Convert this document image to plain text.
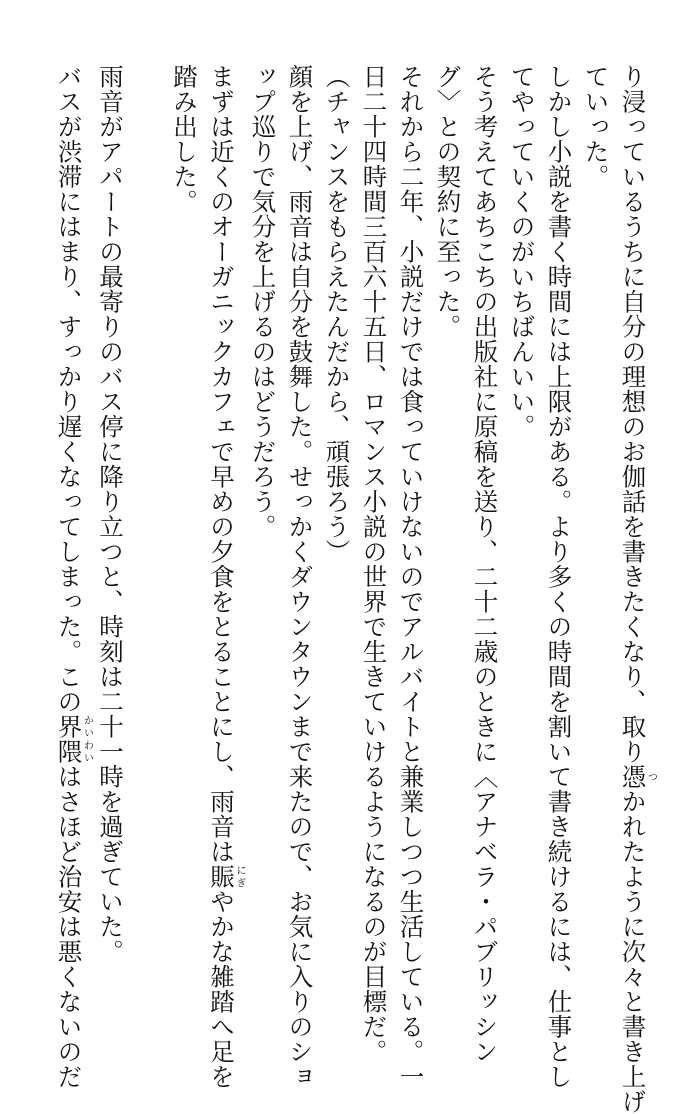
り浸っているうちに自分の理想のお伽話を書きたくなり、取り憑つかれたように次々と書き上げ
ていった。
しかし小説を書く時間には上限がある。より多くの時間を割いて書き続けるには、仕事とし
てやっていくのがいちばんいい。
そう考えてあちこちの出版社に原稿を送り、二十二歳のときに〈アナベラ・パブリッシン
グ〉との契約に至った。
それから二年、小説だけでは食っていけないのでアルバイトと兼業しつつ生活している。一
日二十四時間三百六十五日、ロマンス小説の世界で生きていけるようになるのが目標だ。
（チャンスをもらえたんだから、頑張ろう）
顔を上げ、雨音は自分を鼓舞した。せっかくダウンタウンまで来たので、お気に入りのショ
ップ巡りで気分を上げるのはどうだろう。
まずは近くのオーガニックカフェで早めの夕食をとることにし、雨音は賑にぎやかな雑踏へ足を
踏み出した。

雨音がアパートの最寄りのバス停に降り立つと、時刻は二十一時を過ぎていた。
バスが渋滞にはまり、すっかり遅くなってしまった。この界隈かいわいはさほど治安は悪くないのだ
